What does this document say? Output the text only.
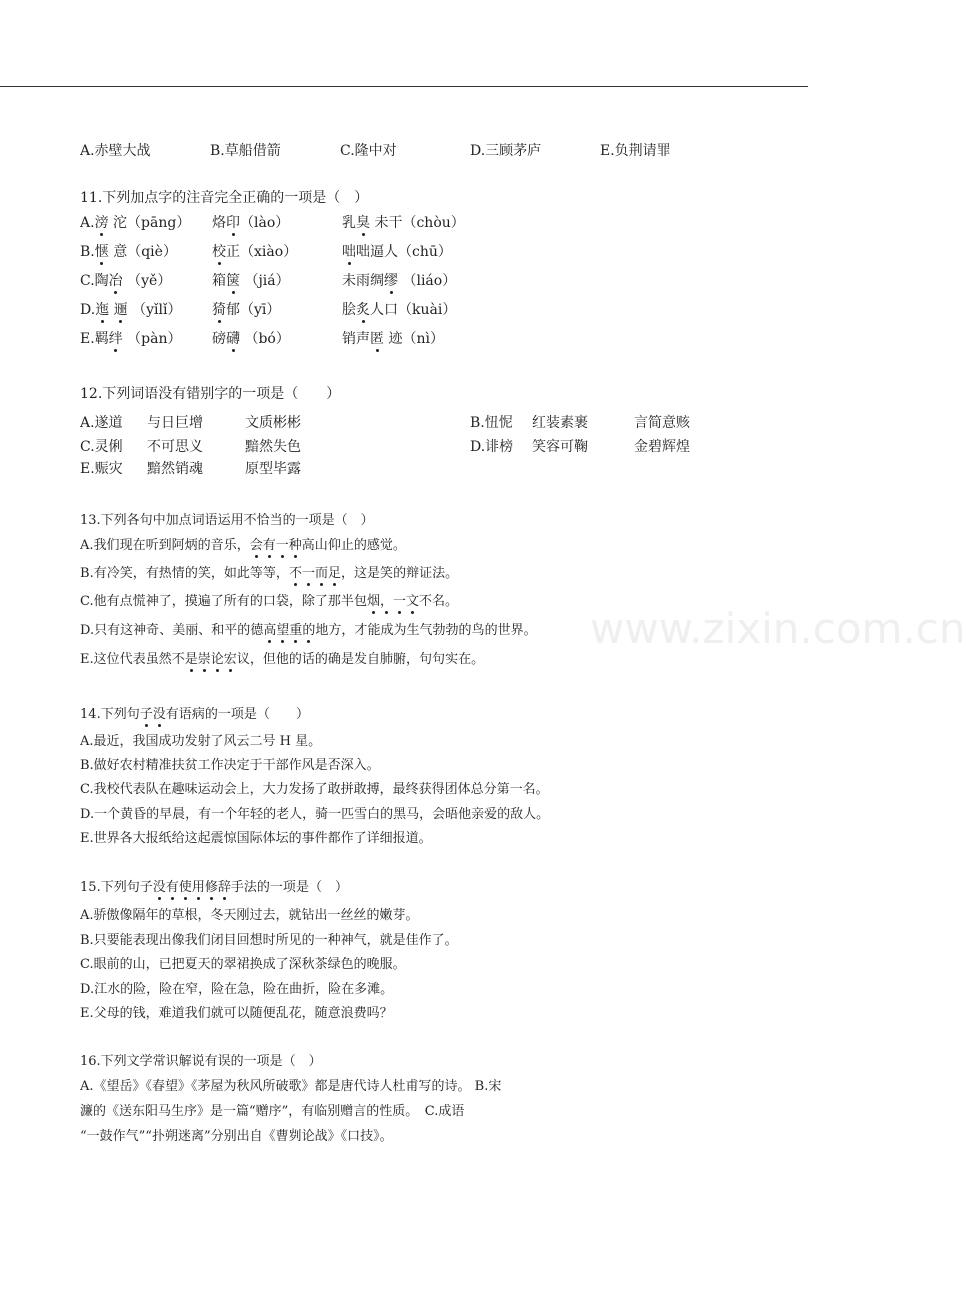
www.zixin.com.cn
A.赤壁大战	B.草船借箭	C.隆中对	D.三顾茅庐	E.负荆请罪
11.下列加点字的注音完全正确的一项是（　）
A.滂 沱（pāng） 烙印（lào）	乳臭 未干（chòu）
B.惬 意（qiè）	校正（xiào）	咄咄逼人（chū）
C.陶冶 （yě）	箱箧 （jiá）	未雨绸缪 （liáo）
D.迤 逦 （yǐlǐ） 猗郁（yī）	脍炙人口（kuài）
E.羁绊 （pàn） 磅礴 （bó）	销声匿 迹（nì）
12.下列词语没有错别字的一项是（　　）
A.遂道 与日巨增	文质彬彬	B.忸怩 红装素裹	言简意赅
C.灵俐 不可思义	黯然失色	D.诽榜 笑容可鞠	金碧辉煌
E.赈灾 黯然销魂	原型毕露
13.下列各句中加点词语运用不恰当的一项是（　）
A.我们现在听到阿炳的音乐，会有一种高山仰止的感觉。
B.有冷笑，有热情的笑，如此等等，不一而足，这是笑的辩证法。
C.他有点慌神了，摸遍了所有的口袋，除了那半包烟，一文不名。
D.只有这神奇、美丽、和平的德高望重的地方，才能成为生气勃勃的鸟的世界。
E.这位代表虽然不是崇论宏议，但他的话的确是发自肺腑，句句实在。
14.下列句子没有语病的一项是（　　 ）
A.最近，我国成功发射了风云二号 H 星。
B.做好农村精准扶贫工作决定于干部作风是否深入。
C.我校代表队在趣味运动会上，大力发扬了敢拼敢搏，最终获得团体总分第一名。
D.一个黄昏的早晨，有一个年轻的老人，骑一匹雪白的黑马，会晤他亲爱的敌人。
E.世界各大报纸给这起震惊国际体坛的事件都作了详细报道。
15.下列句子没有使用修辞手法的一项是（　 ）
A.骄傲像隔年的草根，冬天刚过去，就钻出一丝丝的嫩芽。
B.只要能表现出像我们闭目回想时所见的一种神气，就是佳作了。
C.眼前的山，已把夏天的翠裙换成了深秋茶绿色的晚服。
D.江水的险，险在窄，险在急，险在曲折，险在多滩。
E.父母的钱，难道我们就可以随便乱花，随意浪费吗？
16.下列文学常识解说有误的一项是（　）
A.《望岳》《春望》《茅屋为秋风所破歌》都是唐代诗人杜甫写的诗。 B.宋
濂的《送东阳马生序》是一篇“赠序”，有临别赠言的性质。　C.成语
“一鼓作气”“扑朔迷离”分别出自《曹刿论战》《口技》。
